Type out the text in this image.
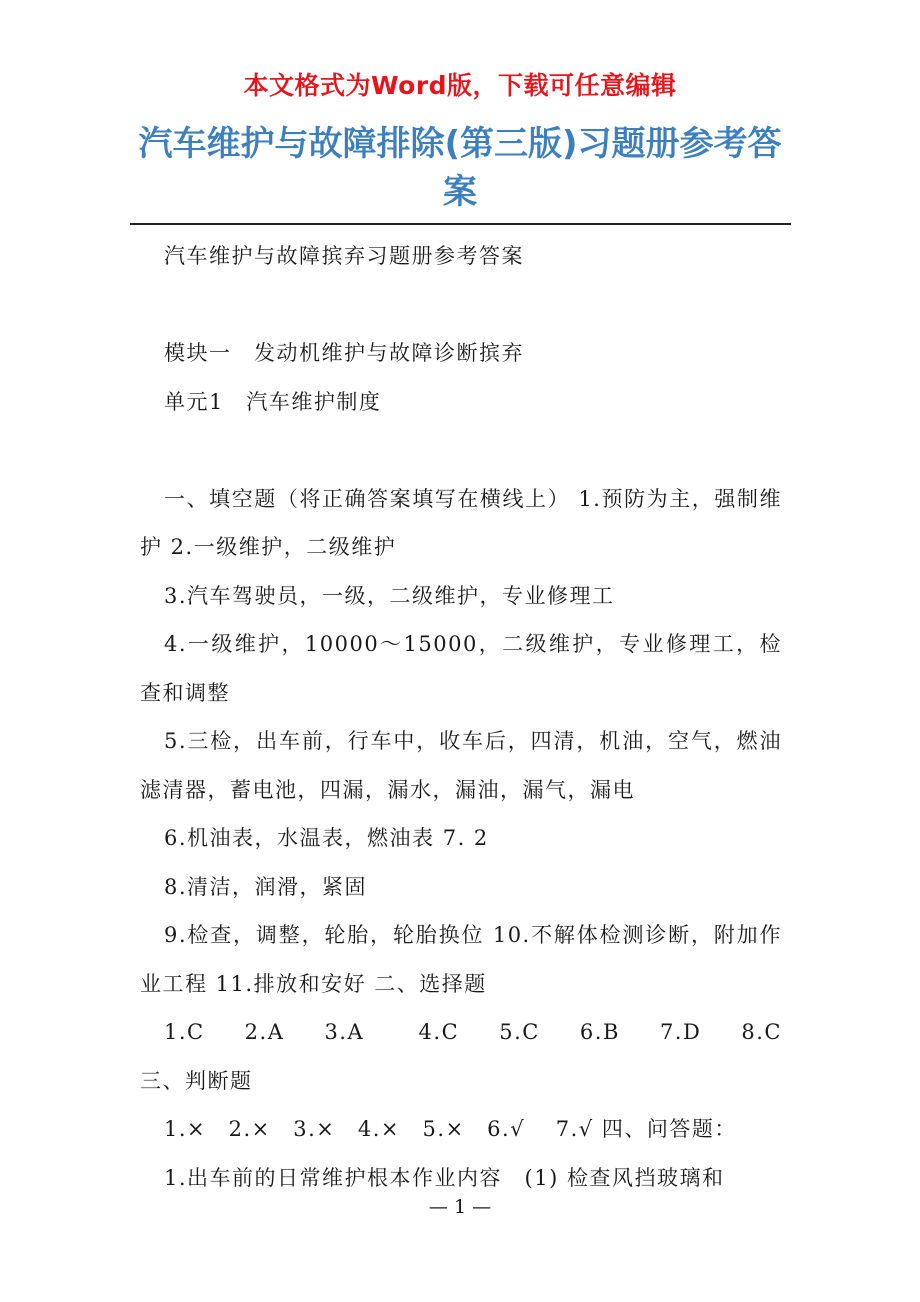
本文格式为Word版，下载可任意编辑
汽车维护与故障排除(第三版)习题册参考答案

汽车维护与故障摈弃习题册参考答案

模块一　发动机维护与故障诊断摈弃

单元1　汽车维护制度

一、填空题（将正确答案填写在横线上） 1.预防为主，强制维护 2.一级维护，二级维护

3.汽车驾驶员，一级，二级维护，专业修理工

4.一级维护，10000～15000，二级维护，专业修理工，检查和调整

5.三检，出车前，行车中，收车后，四清，机油，空气，燃油滤清器，蓄电池，四漏，漏水，漏油，漏气，漏电

6.机油表，水温表，燃油表 7. 2

8.清洁，润滑，紧固

9.检查，调整，轮胎，轮胎换位 10.不解体检测诊断，附加作业工程 11.排放和安好 二、选择题

1.C　 2.A　 3.A　　4.C　 5.C　 6.B　 7.D　 8.C　三、判断题

1.×　2.×　3.×　4.×　5.×　6.√　 7.√ 四、问答题：

1.出车前的日常维护根本作业内容　(1) 检查风挡玻璃和

— 1 —
